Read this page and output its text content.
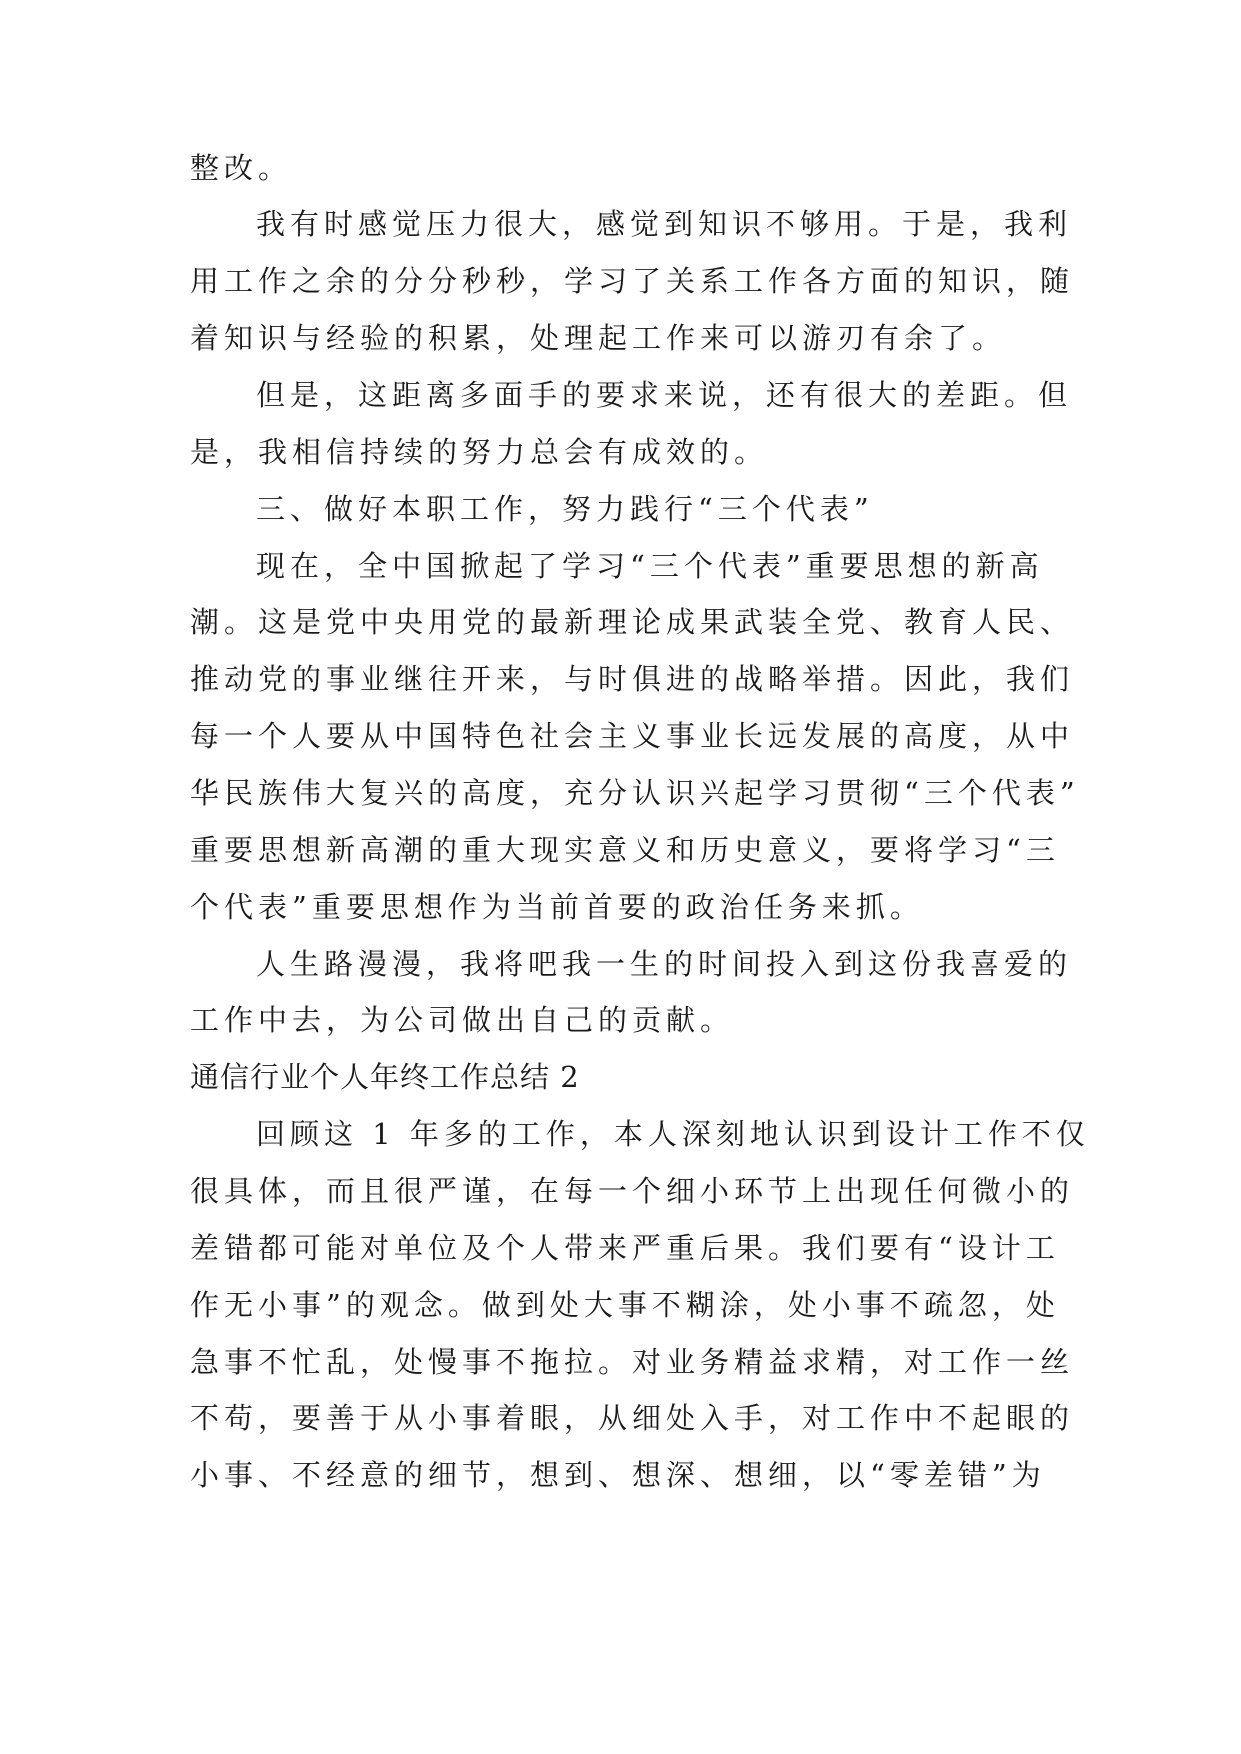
整改。
我有时感觉压力很大，感觉到知识不够用。于是，我利
用工作之余的分分秒秒，学习了关系工作各方面的知识，随
着知识与经验的积累，处理起工作来可以游刃有余了。
但是，这距离多面手的要求来说，还有很大的差距。但
是，我相信持续的努力总会有成效的。
三、做好本职工作，努力践行“三个代表”
现在，全中国掀起了学习“三个代表”重要思想的新高
潮。这是党中央用党的最新理论成果武装全党、教育人民、
推动党的事业继往开来，与时俱进的战略举措。因此，我们
每一个人要从中国特色社会主义事业长远发展的高度，从中
华民族伟大复兴的高度，充分认识兴起学习贯彻“三个代表”
重要思想新高潮的重大现实意义和历史意义，要将学习“三
个代表”重要思想作为当前首要的政治任务来抓。
人生路漫漫，我将吧我一生的时间投入到这份我喜爱的
工作中去，为公司做出自己的贡献。
通信行业个人年终工作总结 2
回顾这 1 年多的工作，本人深刻地认识到设计工作不仅
很具体，而且很严谨，在每一个细小环节上出现任何微小的
差错都可能对单位及个人带来严重后果。我们要有“设计工
作无小事”的观念。做到处大事不糊涂，处小事不疏忽，处
急事不忙乱，处慢事不拖拉。对业务精益求精，对工作一丝
不苟，要善于从小事着眼，从细处入手，对工作中不起眼的
小事、不经意的细节，想到、想深、想细，以“零差错”为
